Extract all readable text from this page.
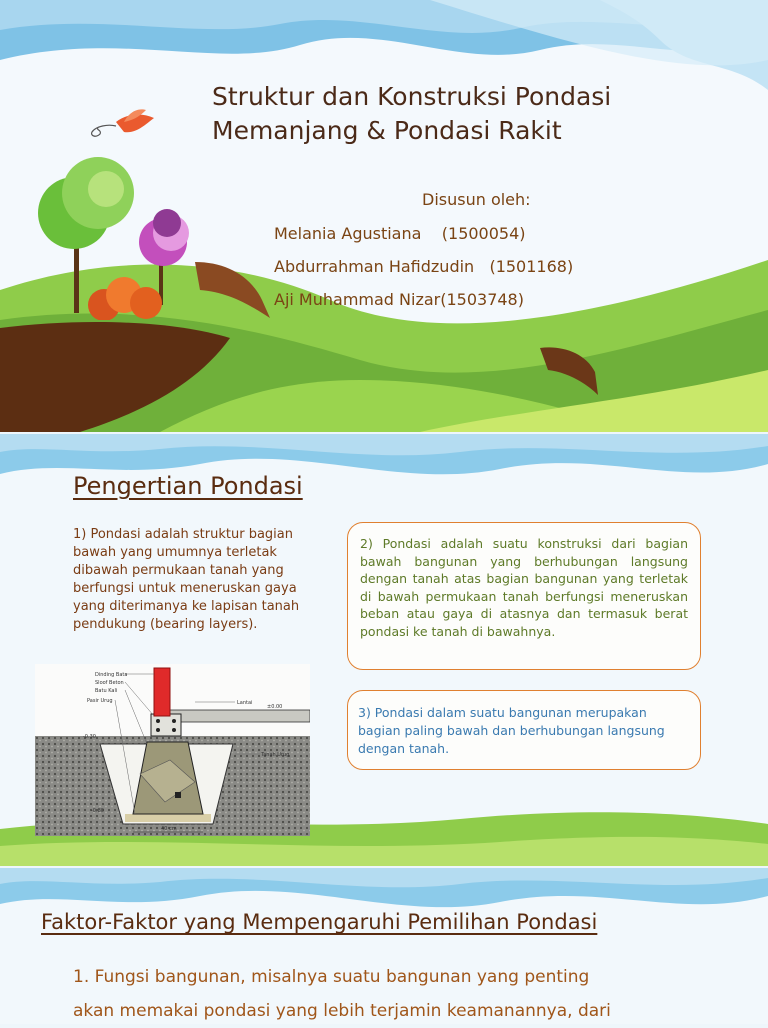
Struktur dan Konstruksi Pondasi
Memanjang & Pondasi Rakit
Disusun oleh:
Melania Agustiana    (1500054)
Abdurrahman Hafidzudin   (1501168)
Aji Muhammad Nizar(1503748)
Pengertian Pondasi
1) Pondasi adalah struktur bagian bawah yang umumnya terletak dibawah permukaan tanah yang berfungsi untuk meneruskan gaya yang diterimanya ke lapisan tanah pendukung (bearing layers).

2) Pondasi adalah suatu konstruksi dari bagian bawah bangunan yang berhubungan langsung dengan tanah atas bagian bangunan yang terletak di bawah permukaan tanah berfungsi meneruskan beban atau gaya di atasnya dan termasuk berat pondasi ke tanah di bawahnya.

3) Pondasi dalam suatu bangunan merupakan bagian paling bawah dan berhubungan langsung dengan tanah.

Dinding Bata
Sloof Beton
Batu Kali
Pasir Urug	Lantai
Tanah Urug
±0.00
-0.30
-0.80
40 cm
Faktor-Faktor yang Mempengaruhi Pemilihan Pondasi
1. Fungsi bangunan, misalnya suatu bangunan yang penting
akan memakai pondasi yang lebih terjamin keamanannya, dari
